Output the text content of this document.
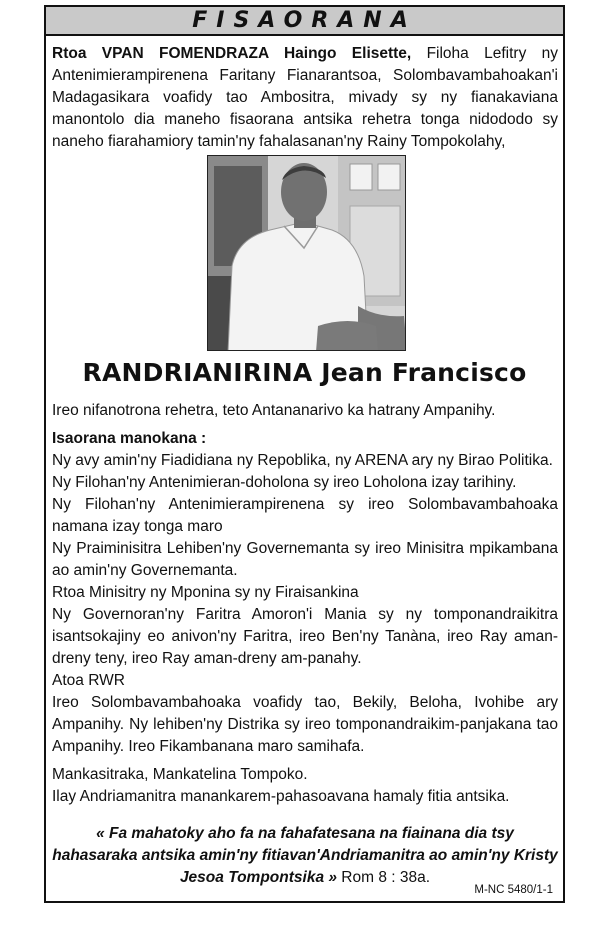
FISAORANA
Rtoa VPAN FOMENDRAZA Haingo Elisette, Filoha Lefitry ny Antenimierampirenena Faritany Fianarantsoa, Solombavambahoakan'i Madagasikara voafidy tao Ambositra, mivady sy ny fianakaviana manontolo dia maneho fisaorana antsika rehetra tonga nidododo sy naneho fiarahamiory tamin'ny fahalasanan'ny Rainy Tompokolahy,
RANDRIANIRINA Jean Francisco

Ireo nifanotrona rehetra, teto Antananarivo ka hatrany Ampanihy.

Isaorana manokana :

Ny avy amin'ny Fiadidiana ny Repoblika, ny ARENA ary ny Birao Politika.

Ny Filohan'ny Antenimieran-doholona sy ireo Loholona izay tarihiny.

Ny Filohan'ny Antenimierampirenena sy ireo Solombavambahoaka namana izay tonga maro

Ny Praiminisitra Lehiben'ny Governemanta sy ireo Minisitra mpikambana ao amin'ny Governemanta.

Rtoa Minisitry ny Mponina sy ny Firaisankina

Ny Governoran'ny Faritra Amoron'i Mania sy ny tomponandraikitra isantsokajiny eo anivon'ny Faritra, ireo Ben'ny Tanàna, ireo Ray aman-dreny teny, ireo Ray aman-dreny am-panahy.

Atoa RWR

Ireo Solombavambahoaka voafidy tao, Bekily, Beloha, Ivohibe ary Ampanihy. Ny lehiben'ny Distrika sy ireo tomponandraikim-panjakana tao Ampanihy. Ireo Fikambanana maro samihafa.

Mankasitraka, Mankatelina Tompoko.

Ilay Andriamanitra manankarem-pahasoavana hamaly fitia antsika.

« Fa mahatoky aho fa na fahafatesana na fiainana dia tsy hahasaraka antsika amin'ny fitiavan'Andriamanitra ao amin'ny Kristy Jesoa Tompontsika » Rom 8 : 38a.
M-NC 5480/1-1
